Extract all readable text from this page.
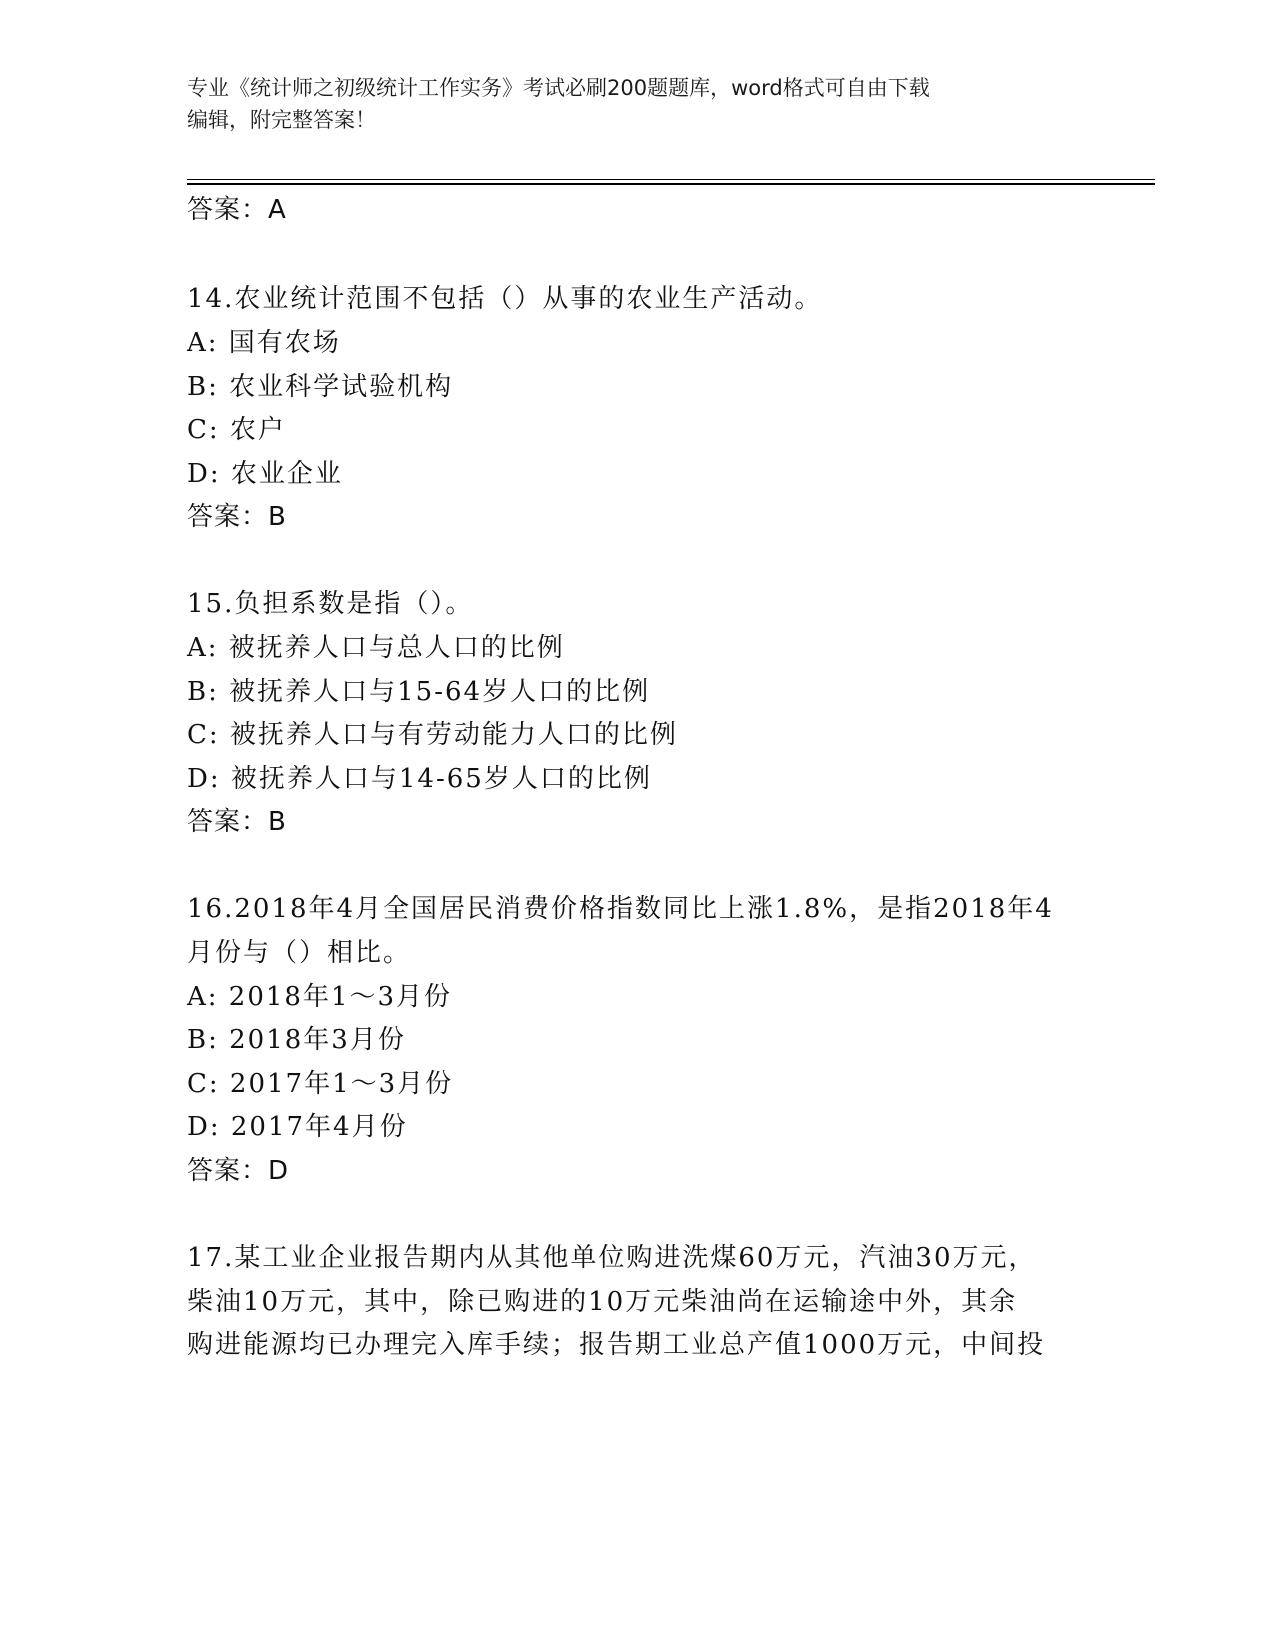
专业《统计师之初级统计工作实务》考试必刷200题题库，word格式可自由下载
编辑，附完整答案！
答案：A
14.农业统计范围不包括（）从事的农业生产活动。
A: 国有农场
B: 农业科学试验机构
C: 农户
D: 农业企业
答案：B
15.负担系数是指（）。
A: 被抚养人口与总人口的比例
B: 被抚养人口与15-64岁人口的比例
C: 被抚养人口与有劳动能力人口的比例
D: 被抚养人口与14-65岁人口的比例
答案：B
16.2018年4月全国居民消费价格指数同比上涨1.8%，是指2018年4
月份与（）相比。
A: 2018年1～3月份
B: 2018年3月份
C: 2017年1～3月份
D: 2017年4月份
答案：D
17.某工业企业报告期内从其他单位购进洗煤60万元，汽油30万元，
柴油10万元，其中，除已购进的10万元柴油尚在运输途中外，其余
购进能源均已办理完入库手续；报告期工业总产值1000万元，中间投
